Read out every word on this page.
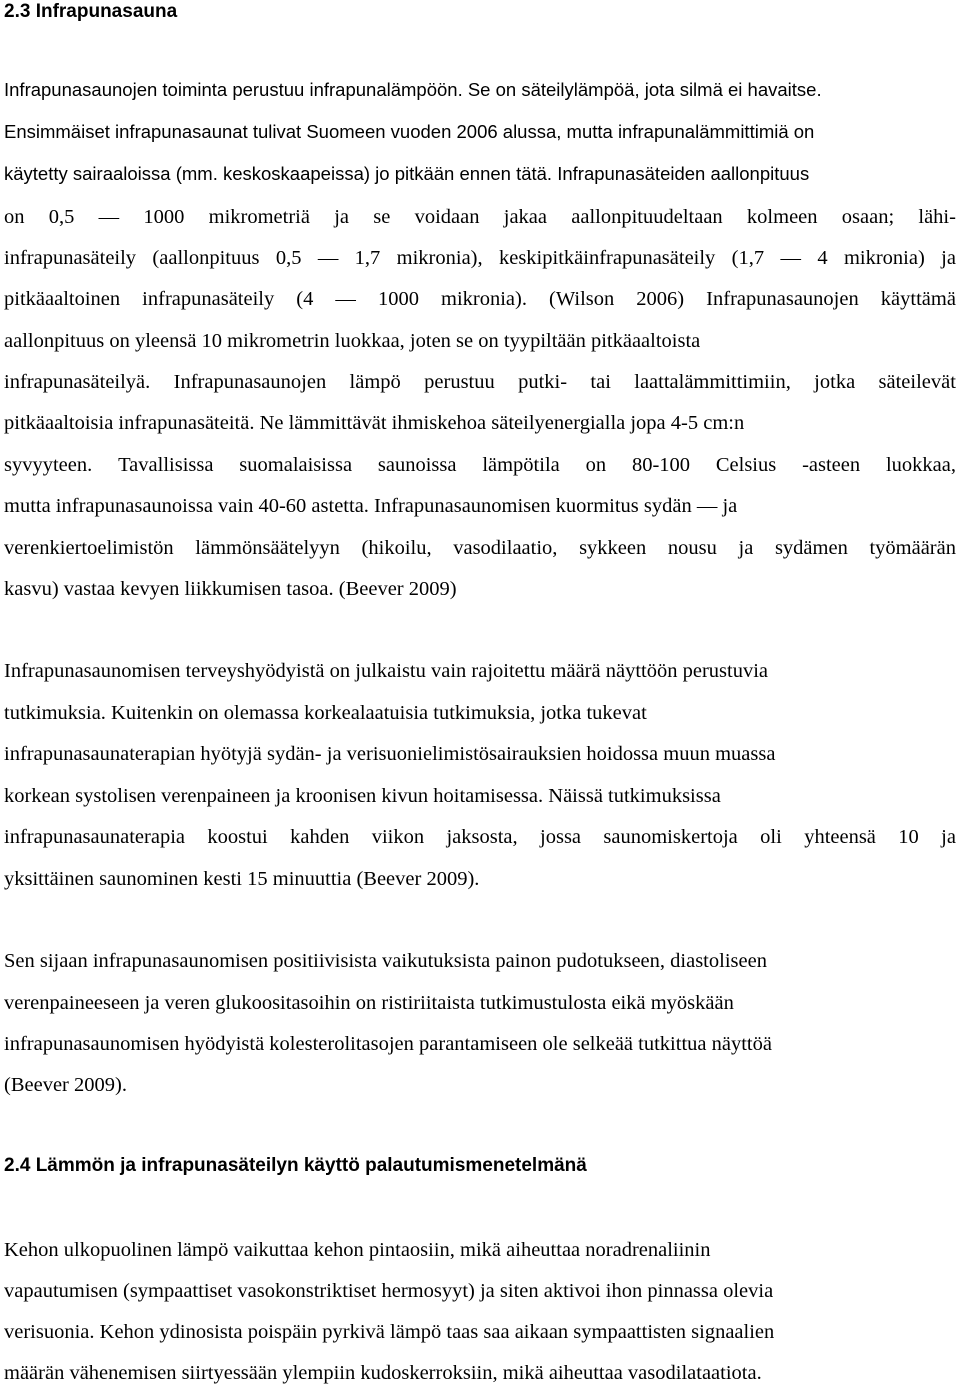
2.3 Infrapunasauna
Infrapunasaunojen toiminta perustuu infrapunalämpöön. Se on säteilylämpöä, jota silmä ei havaitse.
Ensimmäiset infrapunasaunat tulivat Suomeen vuoden 2006 alussa, mutta infrapunalämmittimiä on
käytetty sairaaloissa (mm. keskoskaapeissa) jo pitkään ennen tätä. Infrapunasäteiden aallonpituus
on 0,5 — 1000 mikrometriä ja se voidaan jakaa aallonpituudeltaan kolmeen osaan; lähi-
infrapunasäteily (aallonpituus 0,5 — 1,7 mikronia), keskipitkäinfrapunasäteily (1,7 — 4 mikronia) ja
pitkäaaltoinen infrapunasäteily (4 — 1000 mikronia). (Wilson 2006) Infrapunasaunojen käyttämä
aallonpituus on yleensä 10 mikrometrin luokkaa, joten se on tyypiltään pitkäaaltoista
infrapunasäteilyä. Infrapunasaunojen lämpö perustuu putki- tai laattalämmittimiin, jotka säteilevät
pitkäaaltoisia infrapunasäteitä. Ne lämmittävät ihmiskehoa säteilyenergialla jopa 4-5 cm:n
syvyyteen. Tavallisissa suomalaisissa saunoissa lämpötila on 80-100 Celsius -asteen luokkaa,
mutta infrapunasaunoissa vain 40-60 astetta. Infrapunasaunomisen kuormitus sydän — ja
verenkiertoelimistön lämmönsäätelyyn (hikoilu, vasodilaatio, sykkeen nousu ja sydämen työmäärän
kasvu) vastaa kevyen liikkumisen tasoa. (Beever 2009)
Infrapunasaunomisen terveyshyödyistä on julkaistu vain rajoitettu määrä näyttöön perustuvia
tutkimuksia. Kuitenkin on olemassa korkealaatuisia tutkimuksia, jotka tukevat
infrapunasaunaterapian hyötyjä sydän- ja verisuonielimistösairauksien hoidossa muun muassa
korkean systolisen verenpaineen ja kroonisen kivun hoitamisessa. Näissä tutkimuksissa
infrapunasaunaterapia koostui kahden viikon jaksosta, jossa saunomiskertoja oli yhteensä 10 ja
yksittäinen saunominen kesti 15 minuuttia (Beever 2009).
Sen sijaan infrapunasaunomisen positiivisista vaikutuksista painon pudotukseen, diastoliseen
verenpaineeseen ja veren glukoositasoihin on ristiriitaista tutkimustulosta eikä myöskään
infrapunasaunomisen hyödyistä kolesterolitasojen parantamiseen ole selkeää tutkittua näyttöä
(Beever 2009).
2.4 Lämmön ja infrapunasäteilyn käyttö palautumismenetelmänä
Kehon ulkopuolinen lämpö vaikuttaa kehon pintaosiin, mikä aiheuttaa noradrenaliinin
vapautumisen (sympaattiset vasokonstriktiset hermosyyt) ja siten aktivoi ihon pinnassa olevia
verisuonia. Kehon ydinosista poispäin pyrkivä lämpö taas saa aikaan sympaattisten signaalien
määrän vähenemisen siirtyessään ylempiin kudoskerroksiin, mikä aiheuttaa vasodilataatiota.
